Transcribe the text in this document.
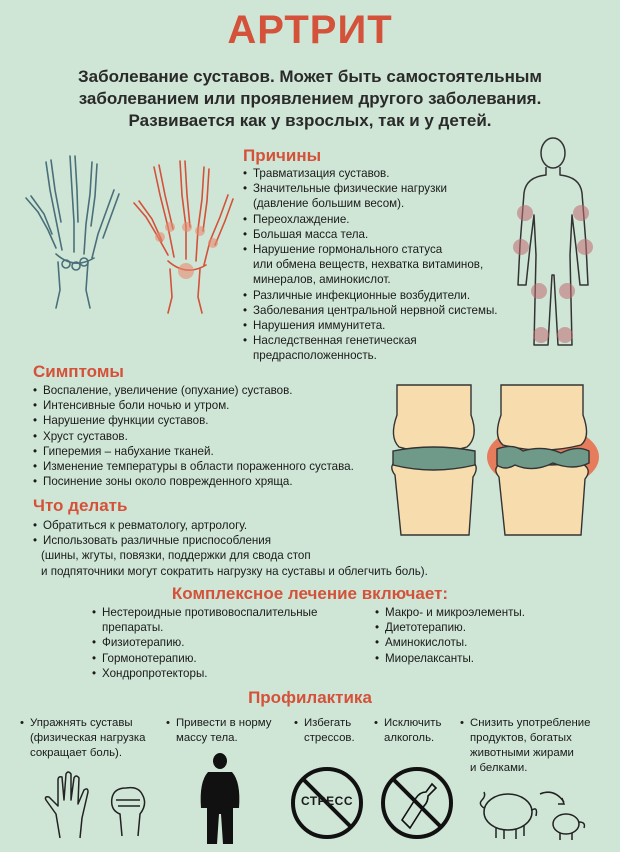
АРТРИТ
Заболевание суставов. Может быть самостоятельным
заболеванием или проявлением другого заболевания.
Развивается как у взрослых, так и у детей.
Причины
• Травматизация суставов.
• Значительные физические нагрузки
(давление большим весом).
• Переохлаждение.
• Большая масса тела.
• Нарушение гормонального статуса
или обмена веществ, нехватка витаминов,
минералов, аминокислот.
• Различные инфекционные возбудители.
• Заболевания центральной нервной системы.
• Нарушения иммунитета.
• Наследственная генетическая
предрасположенность.
Симптомы
• Воспаление, увеличение (опухание) суставов.
• Интенсивные боли ночью и утром.
• Нарушение функции суставов.
• Хруст суставов.
• Гиперемия – набухание тканей.
• Изменение температуры в области пораженного сустава.
• Посинение зоны около поврежденного хряща.
Что делать
• Обратиться к ревматологу, артрологу.
• Использовать различные приспособления
(шины, жгуты, повязки, поддержки для свода стоп
и подпяточники могут сократить нагрузку на суставы и облегчить боль).
Комплексное лечение включает:
• Нестероидные противовоспалительные
препараты.
• Физиотерапию.
• Гормонотерапию.
• Хондропротекторы.
• Макро- и микроэлементы.
• Диетотерапию.
• Аминокислоты.
• Миорелаксанты.
Профилактика
• Упражнять суставы
(физическая нагрузка
сокращает боль).
• Привести в норму
массу тела.
• Избегать
стрессов.
• Исключить
алкоголь.
• Снизить употребление
продуктов, богатых
животными жирами
и белками.
СТРЕСС
